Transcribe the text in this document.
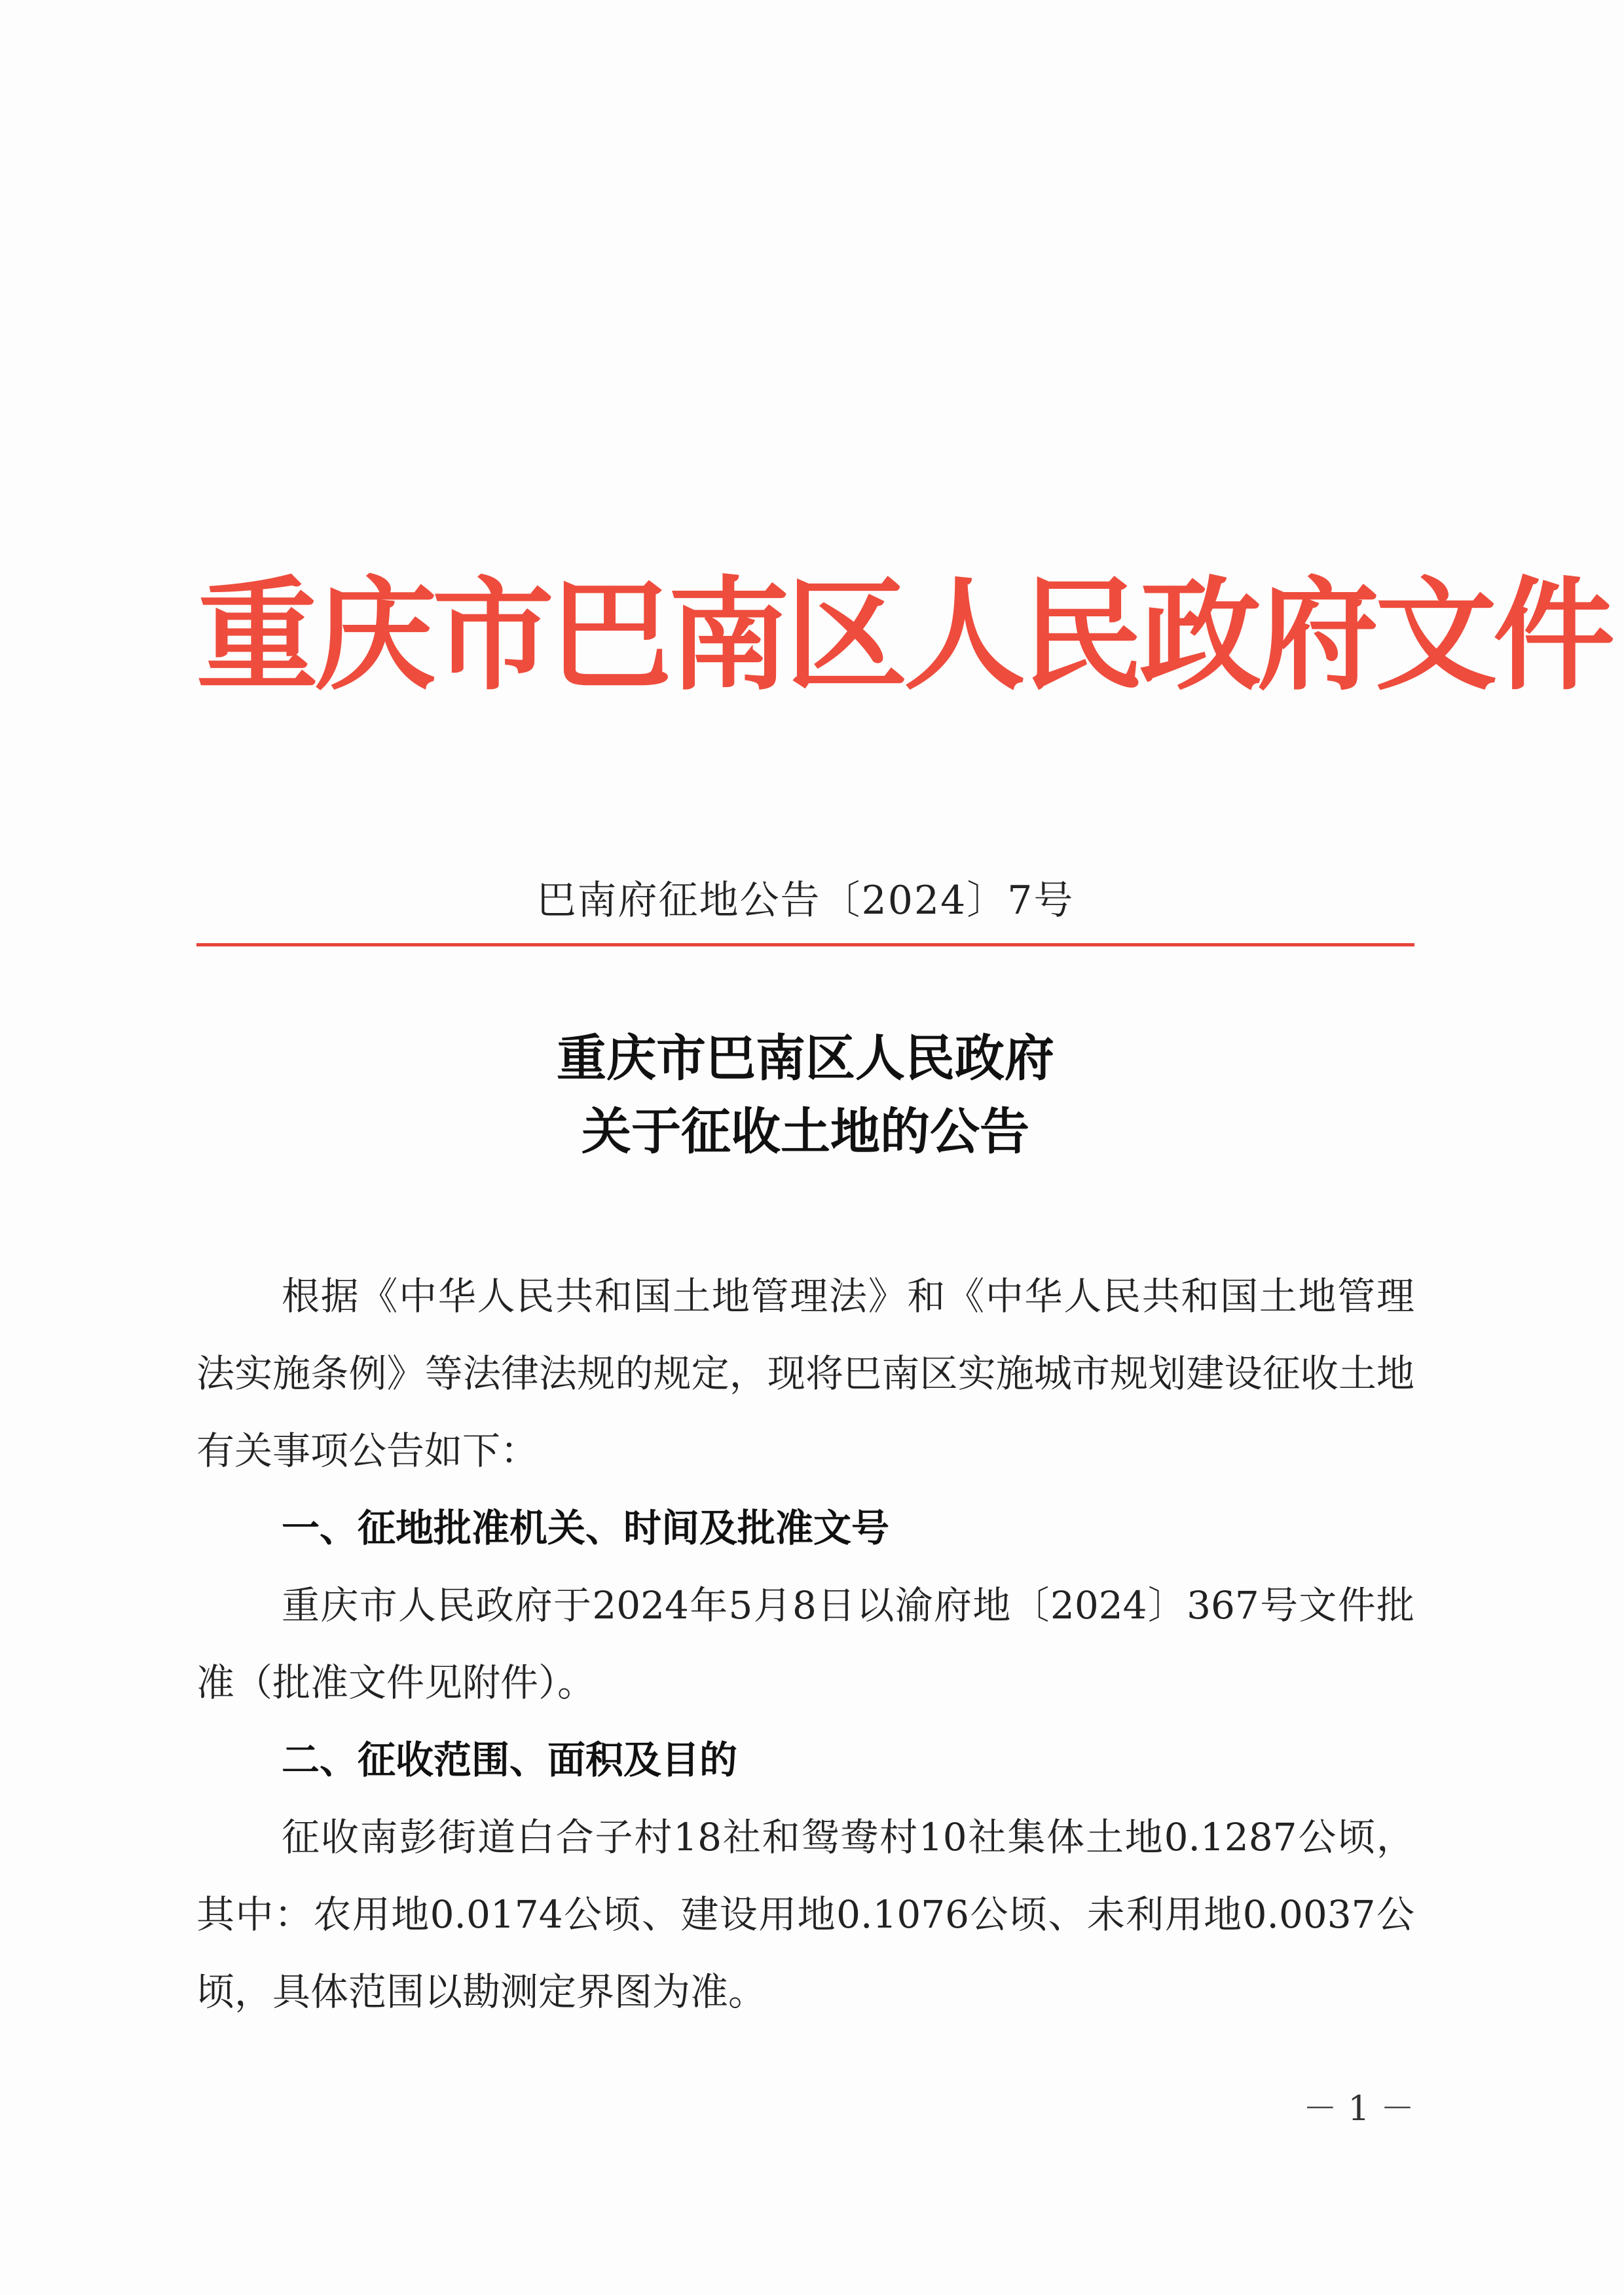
重庆市巴南区人民政府文件
巴南府征地公告〔2024〕7号
重庆市巴南区人民政府
关于征收土地的公告

根据《中华人民共和国土地管理法》和《中华人民共和国土地管理法实施条例》等法律法规的规定，现将巴南区实施城市规划建设征收土地有关事项公告如下：

一、征地批准机关、时间及批准文号

重庆市人民政府于2024年5月8日以渝府地〔2024〕367号文件批准（批准文件见附件）。

二、征收范围、面积及目的

征收南彭街道白合子村18社和鸳鸯村10社集体土地0.1287公顷，其中：农用地0.0174公顷、建设用地0.1076公顷、未利用地0.0037公顷，具体范围以勘测定界图为准。

－ 1 －
